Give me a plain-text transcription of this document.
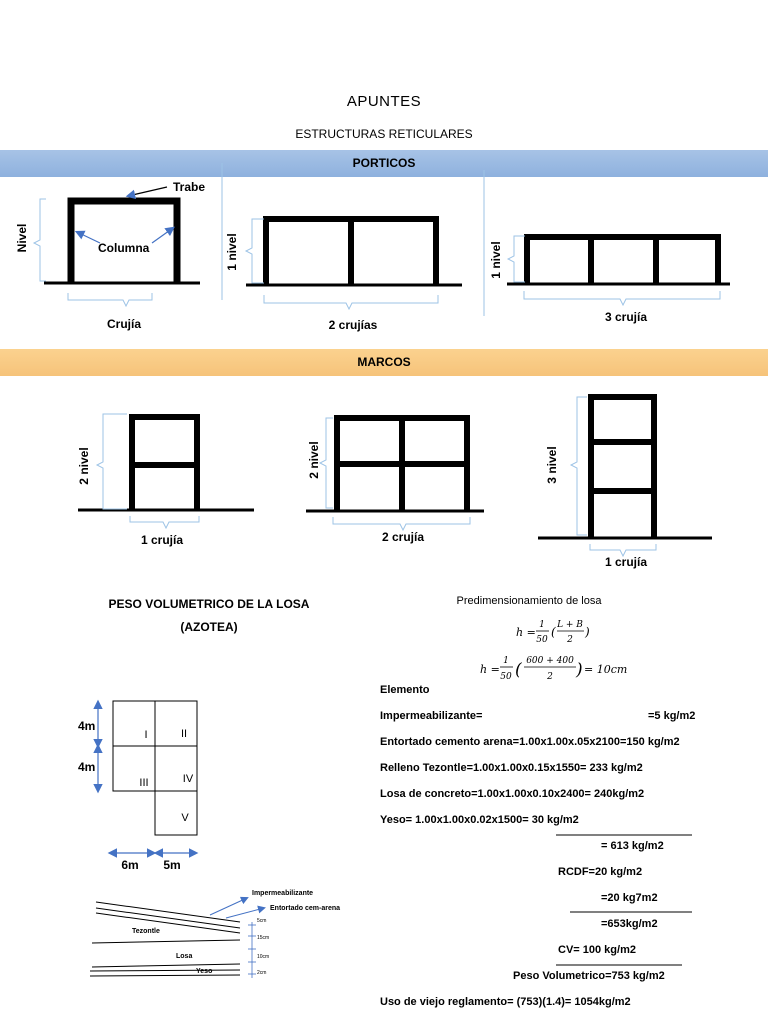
APUNTES
ESTRUCTURAS RETICULARES
PORTICOS
MARCOS
Trabe
Columna
Nivel
Crujía
1 nivel
2 crujías
1 nivel
3 crujía
2 nivel
1 crujía
2 nivel
2 crujía
3 nivel
1 crujía
PESO VOLUMETRICO DE LA LOSA
(AZOTEA)
I	II
III	IV
V
4m
4m
6m 5m
Impermeabilizante
Entortado cem-arena
Tezontle
Losa
Yeso
5cm
15cm
10cm
2cm
Predimensionamiento de losa
h =
1
50
( L + B
2
)
h =
1
50 ( 600 + 400
2 ) = 10cm
Elemento
Impermeabilizante=	=5 kg/m2
Entortado cemento arena=1.00x1.00x.05x2100=150 kg/m2
Relleno Tezontle=1.00x1.00x0.15x1550= 233 kg/m2
Losa de concreto=1.00x1.00x0.10x2400= 240kg/m2
Yeso= 1.00x1.00x0.02x1500= 30 kg/m2
= 613 kg/m2
RCDF=20 kg/m2
=20 kg7m2
=653kg/m2
CV= 100 kg/m2
Peso Volumetrico=753 kg/m2
Uso de viejo reglamento= (753)(1.4)= 1054kg/m2
